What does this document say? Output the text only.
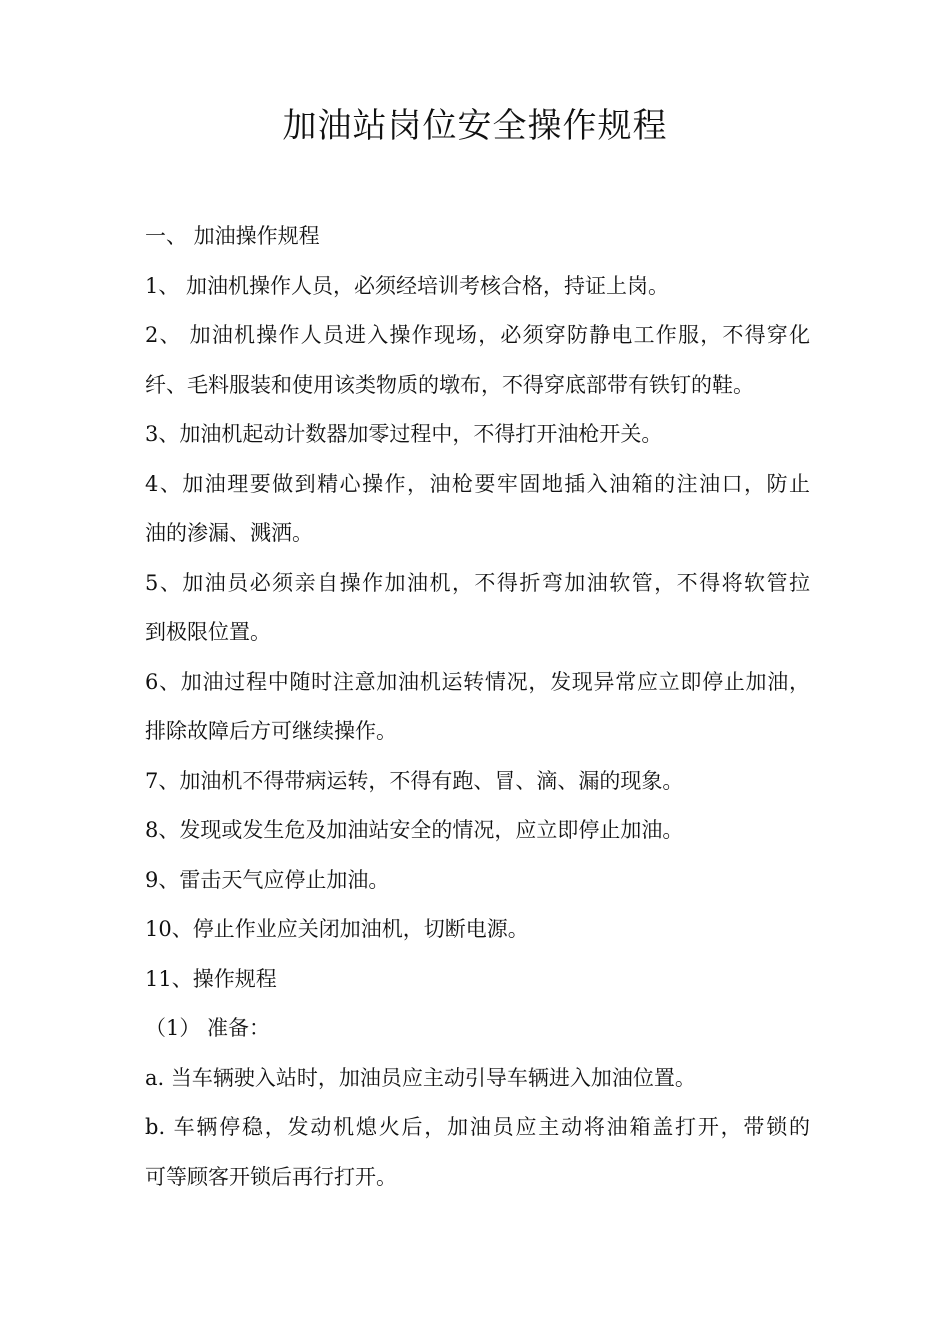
加油站岗位安全操作规程
一、 加油操作规程
1、 加油机操作人员，必须经培训考核合格，持证上岗。
2、 加油机操作人员进入操作现场，必须穿防静电工作服，不得穿化
纤、毛料服装和使用该类物质的墩布，不得穿底部带有铁钉的鞋。
3、加油机起动计数器加零过程中，不得打开油枪开关。
4、加油理要做到精心操作，油枪要牢固地插入油箱的注油口，防止
油的渗漏、溅洒。
5、加油员必须亲自操作加油机，不得折弯加油软管，不得将软管拉
到极限位置。
6、加油过程中随时注意加油机运转情况，发现异常应立即停止加油，
排除故障后方可继续操作。
7、加油机不得带病运转，不得有跑、冒、滴、漏的现象。
8、发现或发生危及加油站安全的情况，应立即停止加油。
9、雷击天气应停止加油。
10、停止作业应关闭加油机，切断电源。
11、操作规程
（1） 准备：
a. 当车辆驶入站时，加油员应主动引导车辆进入加油位置。
b. 车辆停稳，发动机熄火后，加油员应主动将油箱盖打开，带锁的
可等顾客开锁后再行打开。
